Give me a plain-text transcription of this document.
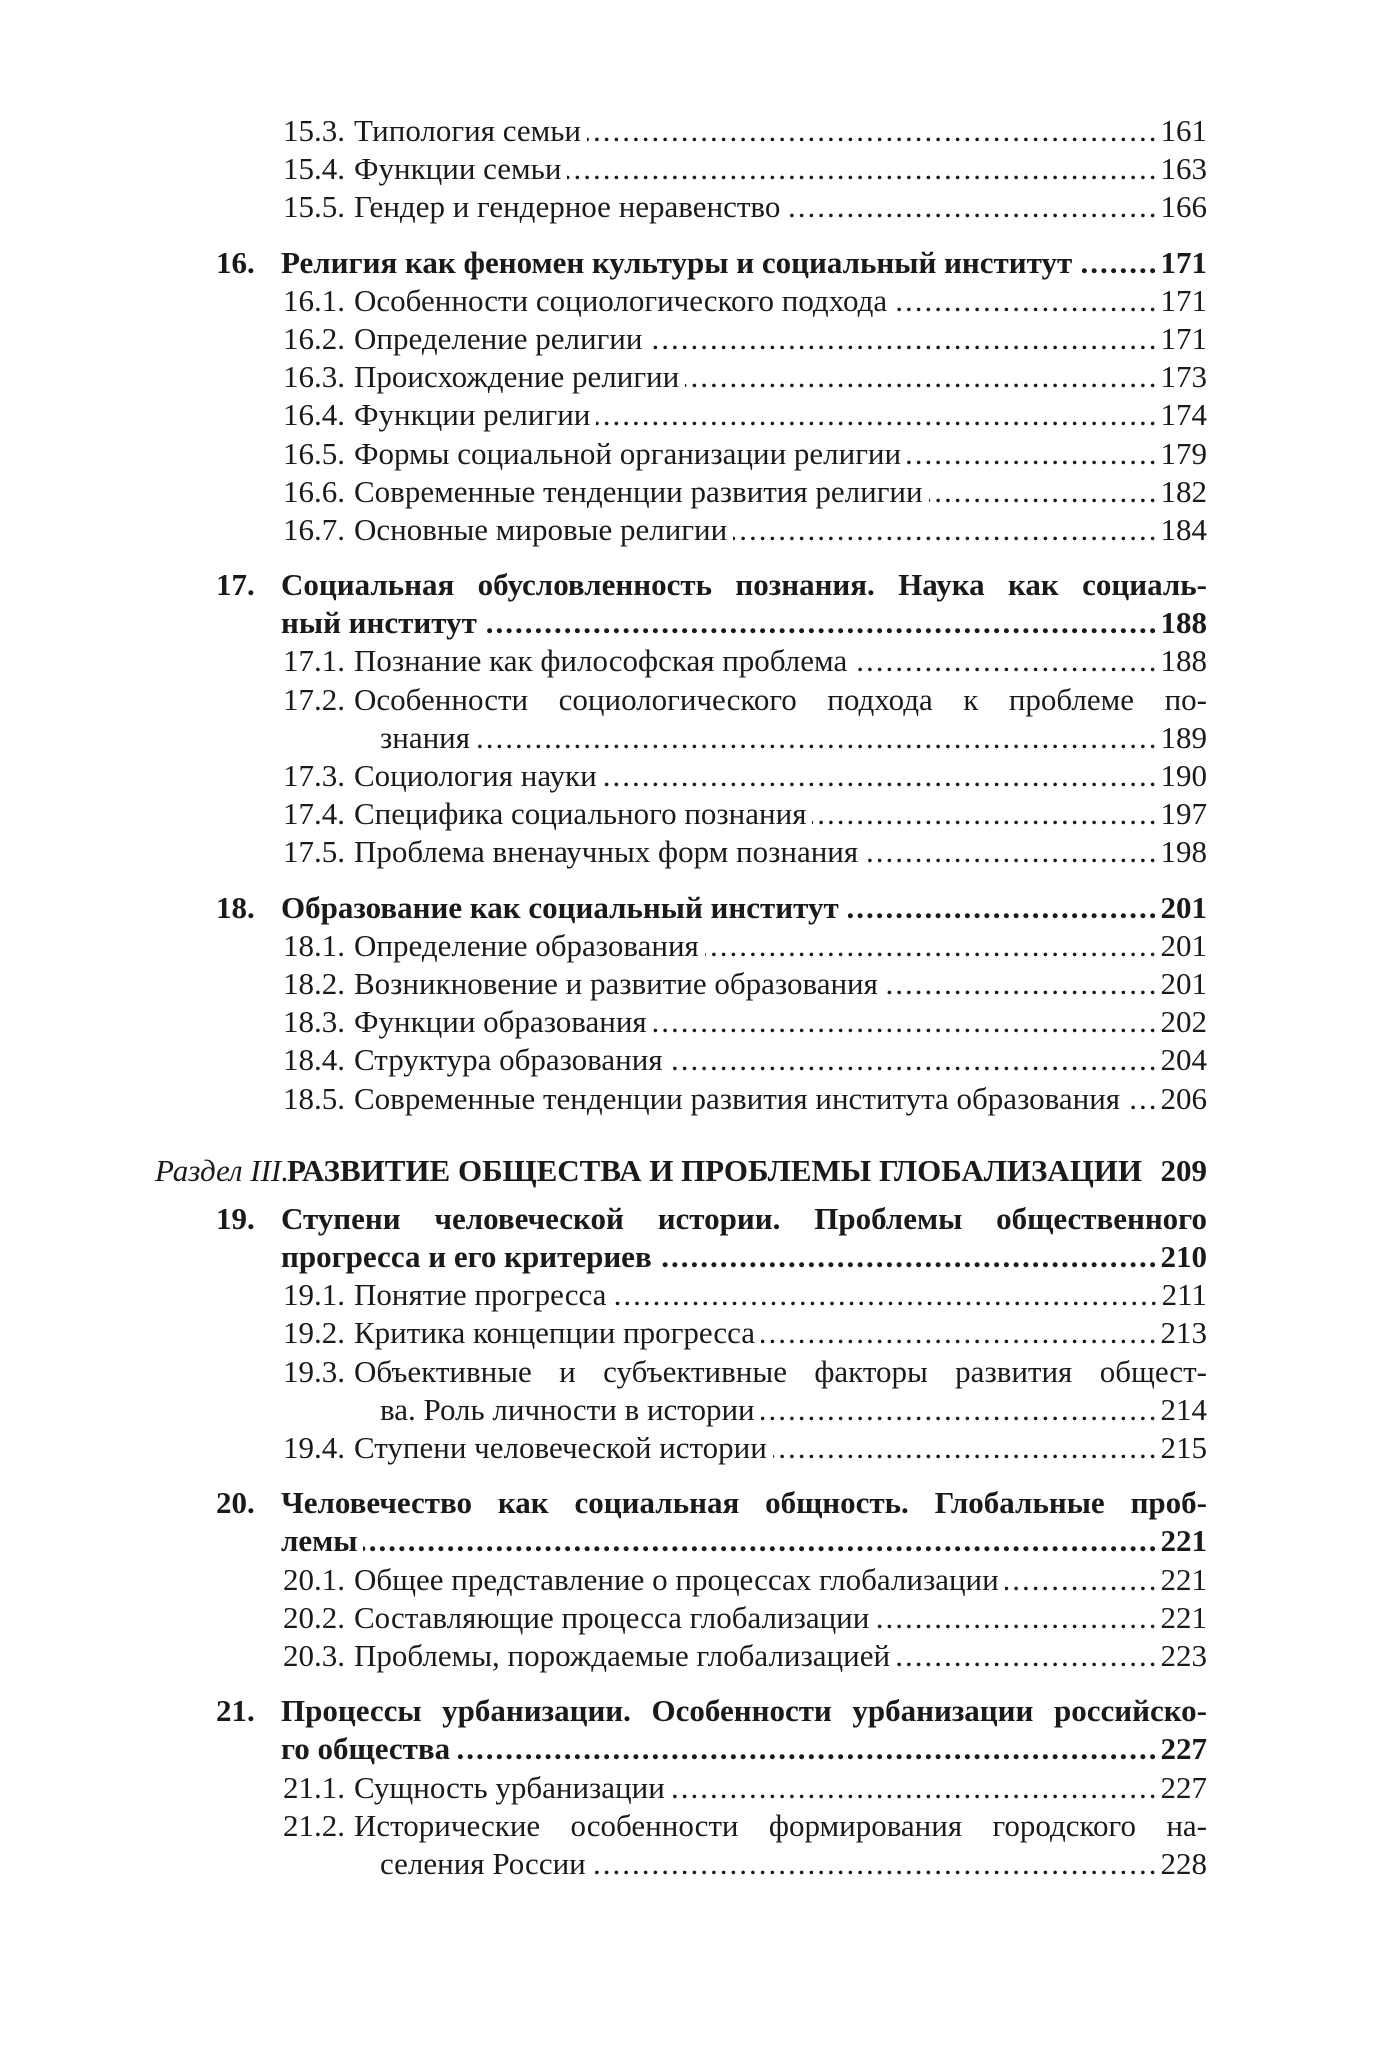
15.3. Типология семьи .....	161
15.4. Функции семьи .....	163
15.5. Гендер и гендерное неравенство .....	166
16. Религия как феномен культуры и социальный институт .....	171
16.1. Особенности социологического подхода .....	171
16.2. Определение религии .....	171
16.3. Происхождение религии .....	173
16.4. Функции религии .....	174
16.5. Формы социальной организации религии .....	179
16.6. Современные тенденции развития религии .....	182
16.7. Основные мировые религии .....	184
17. Социальная обусловленность познания. Наука как социаль-
ный институт .....	188
17.1. Познание как философская проблема .....	188
17.2. Особенности социологического подхода к проблеме по-
знания .....	189
17.3. Социология науки .....	190
17.4. Специфика социального познания .....	197
17.5. Проблема вненаучных форм познания .....	198
18. Образование как социальный институт .....	201
18.1. Определение образования .....	201
18.2. Возникновение и развитие образования .....	201
18.3. Функции образования .....	202
18.4. Структура образования .....	204
18.5. Современные тенденции развития института образования ..... 206
Раздел III.
РАЗВИТИЕ ОБЩЕСТВА И ПРОБЛЕМЫ ГЛОБАЛИЗАЦИИ 209
19. Ступени человеческой истории. Проблемы общественного
прогресса и его критериев .....	210
19.1. Понятие прогресса .....	211
19.2. Критика концепции прогресса .....	213
19.3. Объективные и субъективные факторы развития общест-
ва. Роль личности в истории .....	214
19.4. Ступени человеческой истории .....	215
20. Человечество как социальная общность. Глобальные проб-
лемы .....	221
20.1. Общее представление о процессах глобализации .....	221
20.2. Составляющие процесса глобализации .....	221
20.3. Проблемы, порождаемые глобализацией .....	223
21. Процессы урбанизации. Особенности урбанизации российско-
го общества .....	227
21.1. Сущность урбанизации .....	227
21.2. Исторические особенности формирования городского на-
селения России .....	228
